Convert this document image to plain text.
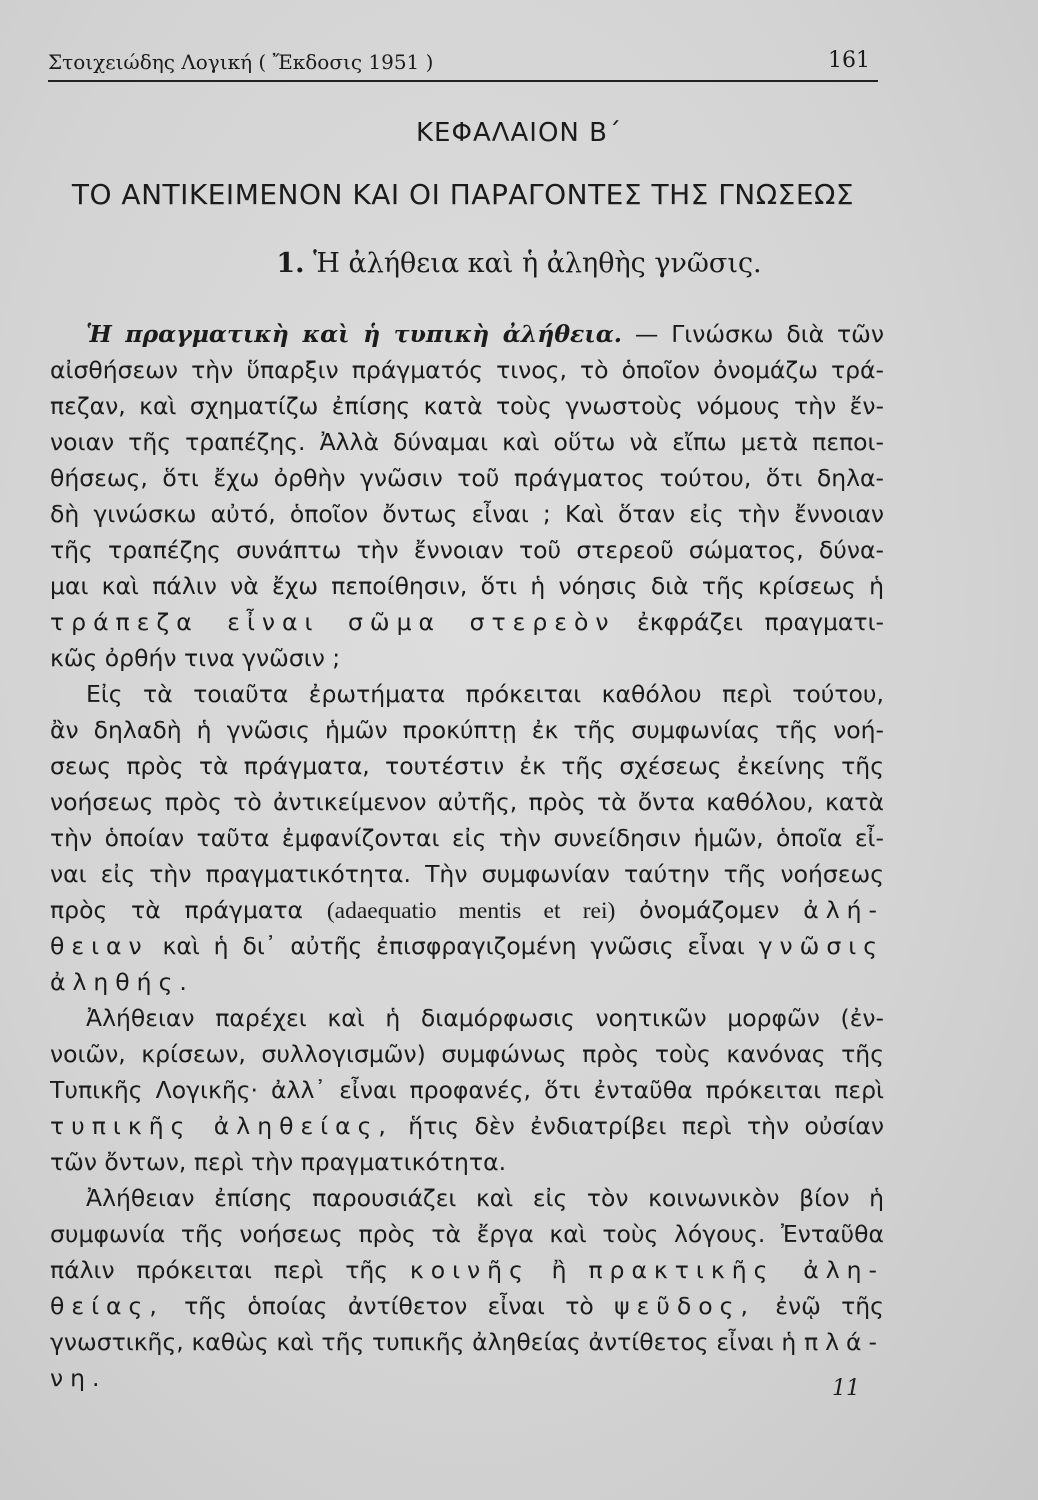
Στοιχειώδης Λογική ( Ἔκδοσις 1951 )	161
ΚΕΦΑΛΑΙΟΝ Β΄
ΤΟ ΑΝΤΙΚΕΙΜΕΝΟΝ ΚΑΙ ΟΙ ΠΑΡΑΓΟΝΤΕΣ ΤΗΣ ΓΝΩΣΕΩΣ
1. Ἡ ἀλήθεια καὶ ἡ ἀληθὴς γνῶσις.
Ἡ πραγματικὴ καὶ ἡ τυπικὴ ἀλήθεια. — Γινώσκω διὰ τῶν
αἰσθήσεων τὴν ὕπαρξιν πράγματός τινος, τὸ ὁποῖον ὀνομάζω τρά-
πεζαν, καὶ σχηματίζω ἐπίσης κατὰ τοὺς γνωστοὺς νόμους τὴν ἔν-
νοιαν τῆς τραπέζης. Ἀλλὰ δύναμαι καὶ οὕτω νὰ εἴπω μετὰ πεποι-
θήσεως, ὅτι ἔχω ὀρθὴν γνῶσιν τοῦ πράγματος τούτου, ὅτι δηλα-
δὴ γινώσκω αὐτό, ὁποῖον ὄντως εἶναι ; Καὶ ὅταν εἰς τὴν ἔννοιαν
τῆς τραπέζης συνάπτω τὴν ἔννοιαν τοῦ στερεοῦ σώματος, δύνα-
μαι καὶ πάλιν νὰ ἔχω πεποίθησιν, ὅτι ἡ νόησις διὰ τῆς κρίσεως ἡ
τράπεζα εἶναι σῶμα στερεὸν ἐκφράζει πραγματι-
κῶς ὀρθήν τινα γνῶσιν ;
Εἰς τὰ τοιαῦτα ἐρωτήματα πρόκειται καθόλου περὶ τούτου,
ἂν δηλαδὴ ἡ γνῶσις ἡμῶν προκύπτῃ ἐκ τῆς συμφωνίας τῆς νοή-
σεως πρὸς τὰ πράγματα, τουτέστιν ἐκ τῆς σχέσεως ἐκείνης τῆς
νοήσεως πρὸς τὸ ἀντικείμενον αὐτῆς, πρὸς τὰ ὄντα καθόλου, κατὰ
τὴν ὁποίαν ταῦτα ἐμφανίζονται εἰς τὴν συνείδησιν ἡμῶν, ὁποῖα εἶ-
ναι εἰς τὴν πραγματικότητα. Τὴν συμφωνίαν ταύτην τῆς νοήσεως
πρὸς τὰ πράγματα (adaequatio mentis et rei) ὀνομάζομεν ἀλή-
θειαν καὶ ἡ δι᾽ αὐτῆς ἐπισφραγιζομένη γνῶσις εἶναι γνῶσις
ἀληθής.
Ἀλήθειαν παρέχει καὶ ἡ διαμόρφωσις νοητικῶν μορφῶν (ἐν-
νοιῶν, κρίσεων, συλλογισμῶν) συμφώνως πρὸς τοὺς κανόνας τῆς
Τυπικῆς Λογικῆς· ἀλλ᾽ εἶναι προφανές, ὅτι ἐνταῦθα πρόκειται περὶ
τυπικῆς ἀληθείας, ἥτις δὲν ἐνδιατρίβει περὶ τὴν οὐσίαν
τῶν ὄντων, περὶ τὴν πραγματικότητα.
Ἀλήθειαν ἐπίσης παρουσιάζει καὶ εἰς τὸν κοινωνικὸν βίον ἡ
συμφωνία τῆς νοήσεως πρὸς τὰ ἔργα καὶ τοὺς λόγους. Ἐνταῦθα
πάλιν πρόκειται περὶ τῆς κοινῆς ἢ πρακτικῆς ἀλη-
θείας, τῆς ὁποίας ἀντίθετον εἶναι τὸ ψεῦδος, ἐνῷ τῆς
γνωστικῆς, καθὼς καὶ τῆς τυπικῆς ἀληθείας ἀντίθετος εἶναι ἡ πλά-
νη.	11
